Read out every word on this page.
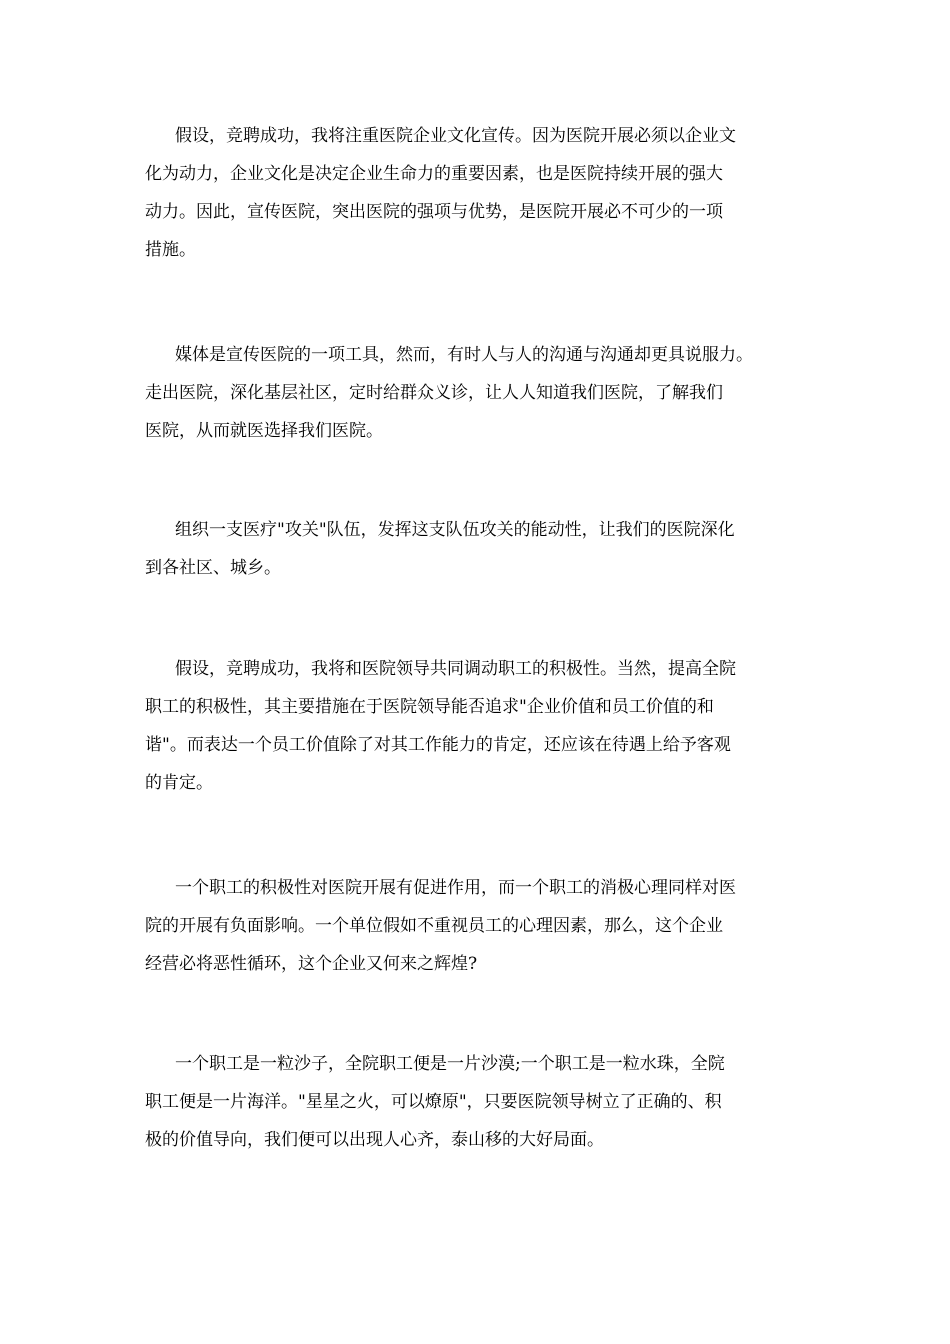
假设，竞聘成功，我将注重医院企业文化宣传。因为医院开展必须以企业文
化为动力，企业文化是决定企业生命力的重要因素，也是医院持续开展的强大
动力。因此，宣传医院，突出医院的强项与优势，是医院开展必不可少的一项
措施。
媒体是宣传医院的一项工具，然而，有时人与人的沟通与沟通却更具说服力。
走出医院，深化基层社区，定时给群众义诊，让人人知道我们医院，了解我们
医院，从而就医选择我们医院。
组织一支医疗"攻关"队伍，发挥这支队伍攻关的能动性，让我们的医院深化
到各社区、城乡。
假设，竞聘成功，我将和医院领导共同调动职工的积极性。当然，提高全院
职工的积极性，其主要措施在于医院领导能否追求"企业价值和员工价值的和
谐"。而表达一个员工价值除了对其工作能力的肯定，还应该在待遇上给予客观
的肯定。
一个职工的积极性对医院开展有促进作用，而一个职工的消极心理同样对医
院的开展有负面影响。一个单位假如不重视员工的心理因素，那么，这个企业
经营必将恶性循环，这个企业又何来之辉煌?
一个职工是一粒沙子，全院职工便是一片沙漠;一个职工是一粒水珠，全院
职工便是一片海洋。"星星之火，可以燎原"，只要医院领导树立了正确的、积
极的价值导向，我们便可以出现人心齐，泰山移的大好局面。
